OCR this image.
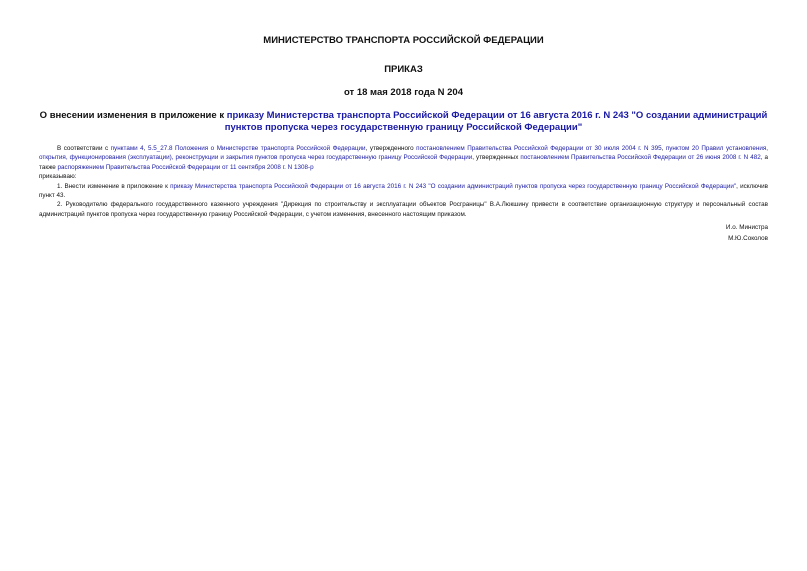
МИНИСТЕРСТВО ТРАНСПОРТА РОССИЙСКОЙ ФЕДЕРАЦИИ

ПРИКАЗ

от 18 мая 2018 года N 204

О внесении изменения в приложение к приказу Министерства транспорта Российской Федерации от 16 августа 2016 г. N 243 "О создании администраций пунктов пропуска через государственную границу Российской Федерации"

В соответствии с пунктами 4, 5.5_27.8 Положения о Министерстве транспорта Российской Федерации, утвержденного постановлением Правительства Российской Федерации от 30 июля 2004 г. N 395, пунктом 20 Правил установления, открытия, функционирования (эксплуатации), реконструкции и закрытия пунктов пропуска через государственную границу Российской Федерации, утвержденных постановлением Правительства Российской Федерации от 26 июня 2008 г. N 482, а также распоряжением Правительства Российской Федерации от 11 сентября 2008 г. N 1308-р

приказываю:

1. Внести изменение в приложение к приказу Министерства транспорта Российской Федерации от 16 августа 2016 г. N 243 "О создании администраций пунктов пропуска через государственную границу Российской Федерации", исключив пункт 43.

2. Руководителю федерального государственного казенного учреждения "Дирекция по строительству и эксплуатации объектов Росграницы" В.А.Люкшину привести в соответствие организационную структуру и персональный состав администраций пунктов пропуска через государственную границу Российской Федерации, с учетом изменения, внесенного настоящим приказом.

И.о. Министра

М.Ю.Соколов
